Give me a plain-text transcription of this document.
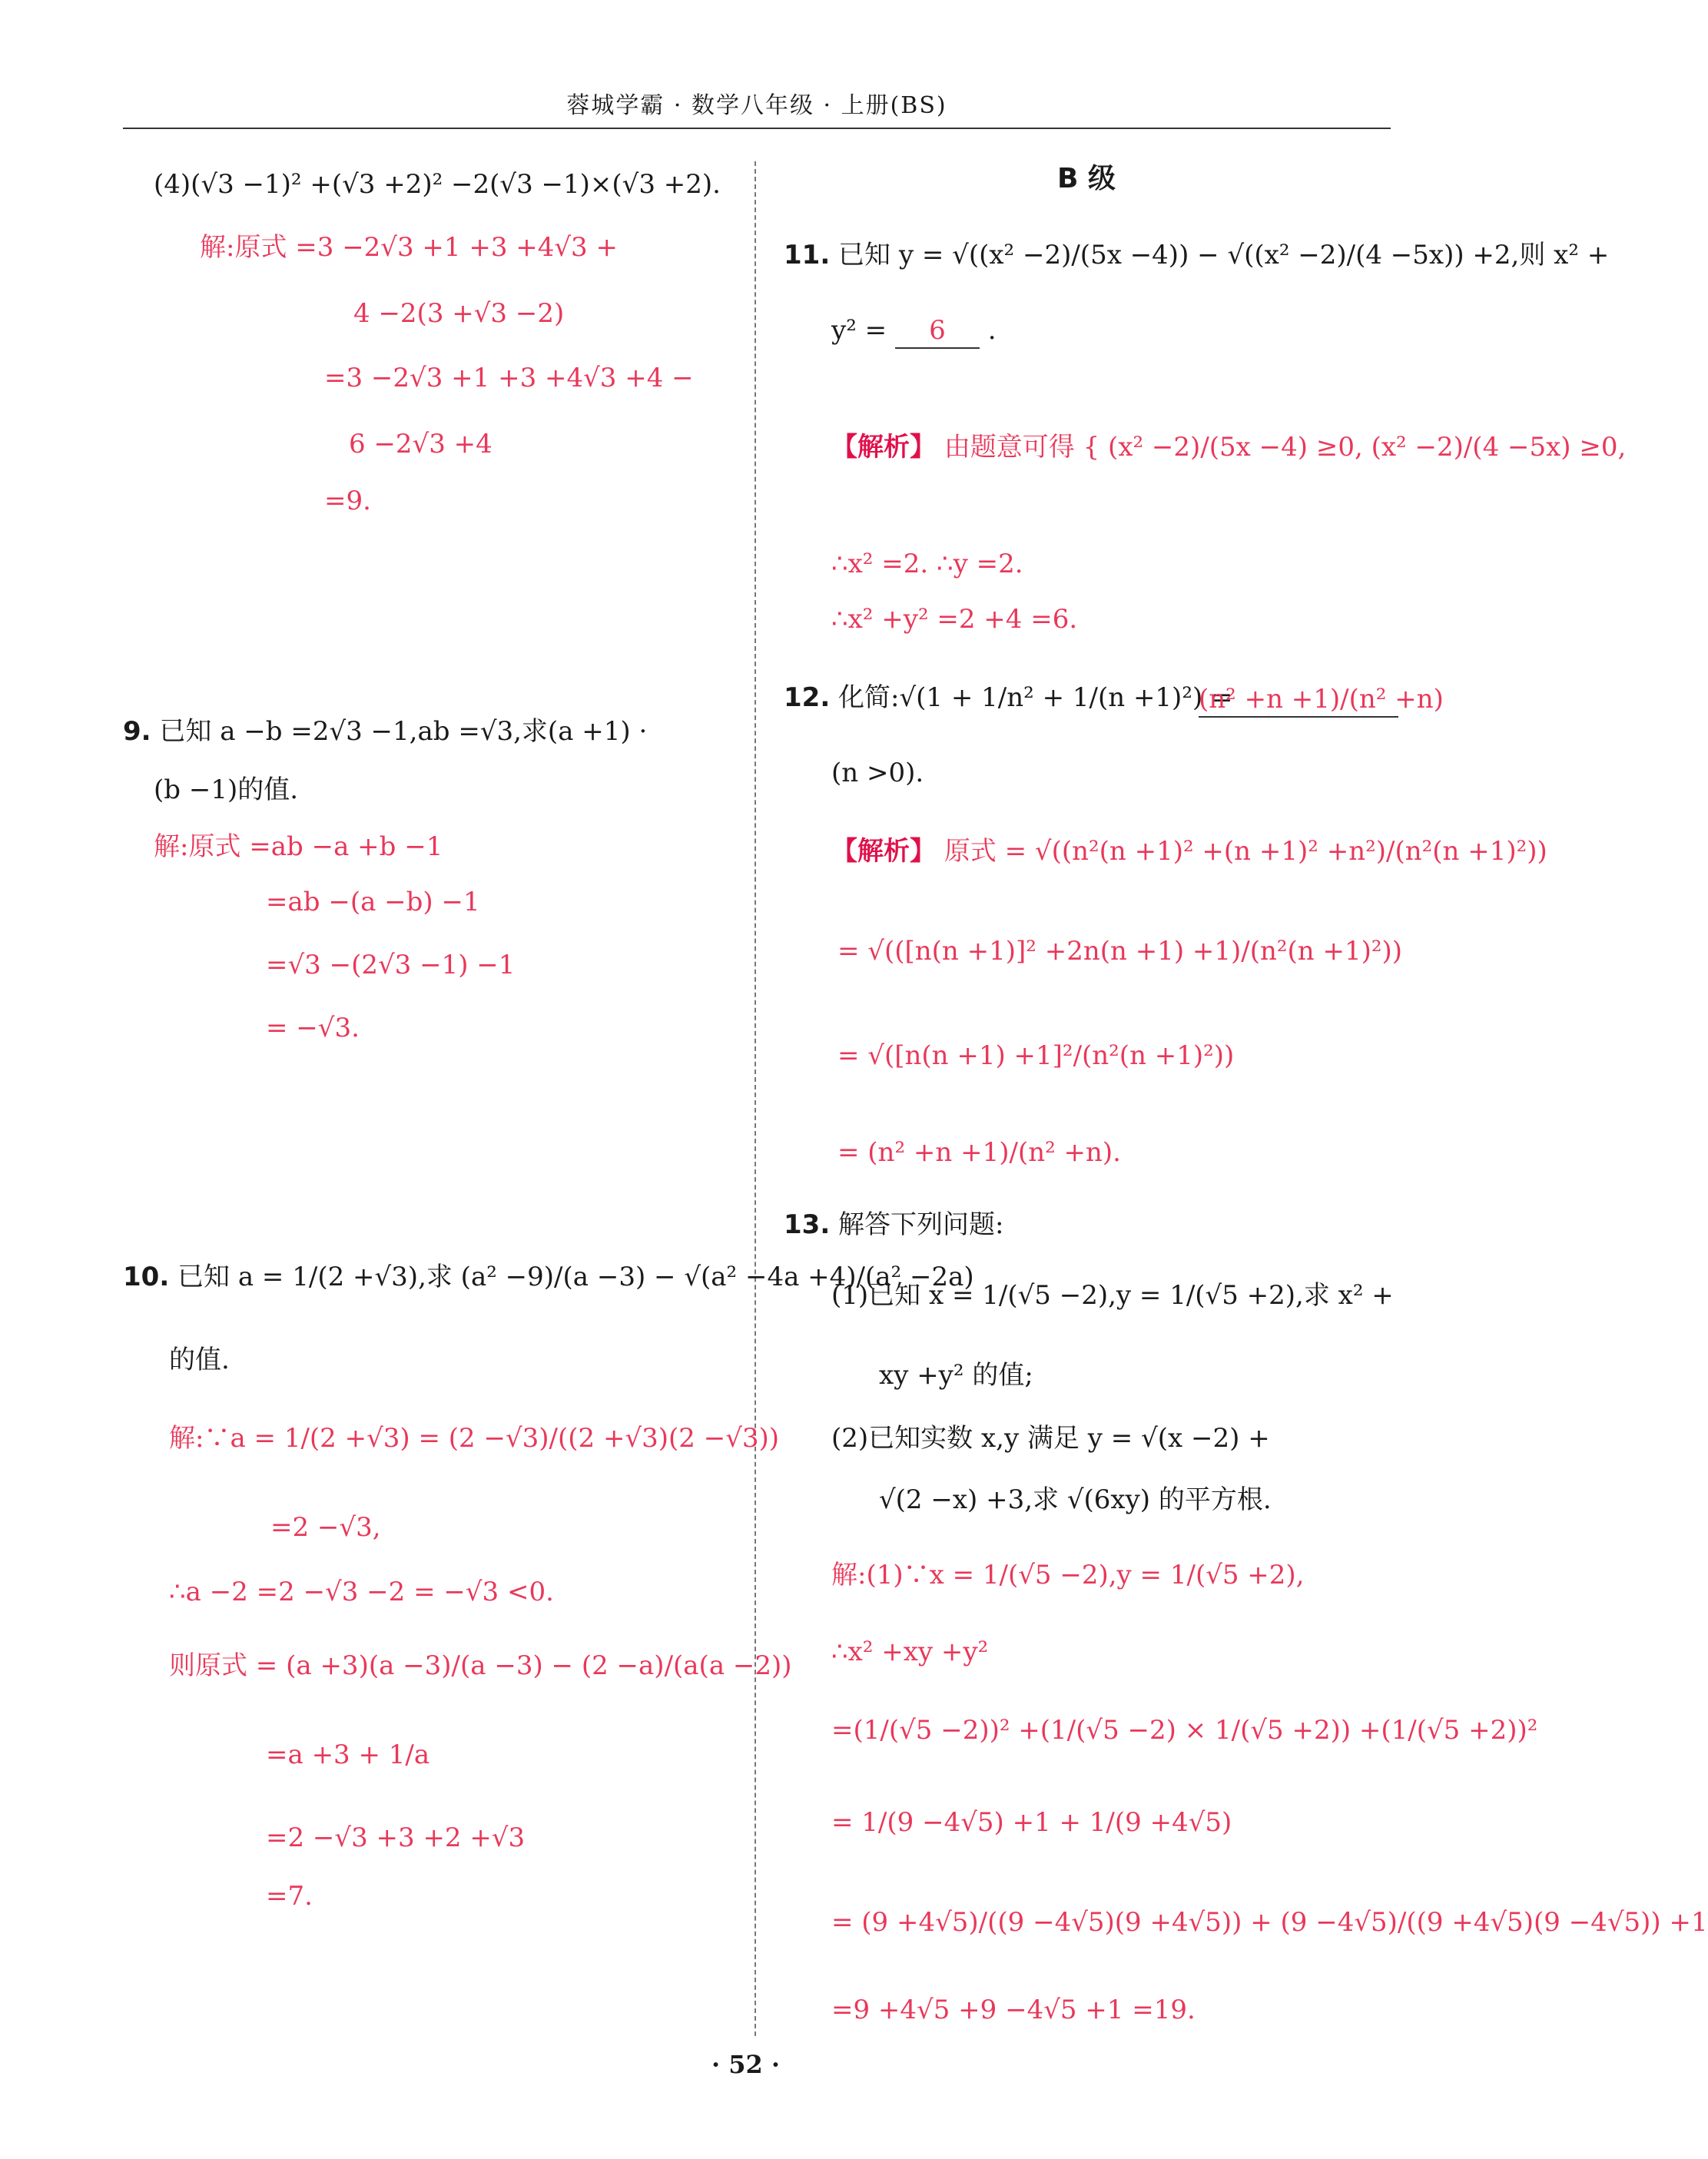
蓉城学霸 · 数学八年级 · 上册(BS)
(4)(√3 −1)² +(√3 +2)² −2(√3 −1)×(√3 +2).
解:原式 =3 −2√3 +1 +3 +4√3 +
4 −2(3 +√3 −2)
=3 −2√3 +1 +3 +4√3 +4 −
6 −2√3 +4
=9.
9. 已知 a −b =2√3 −1,ab =√3,求(a +1) ·
(b −1)的值.
解:原式 =ab −a +b −1
=ab −(a −b) −1
=√3 −(2√3 −1) −1
= −√3.
10. 已知 a = 1/(2 +√3),求 (a² −9)/(a −3) − √(a² −4a +4)/(a² −2a)
的值.
解:∵a = 1/(2 +√3) = (2 −√3)/((2 +√3)(2 −√3))
=2 −√3,
∴a −2 =2 −√3 −2 = −√3 <0.
则原式 = (a +3)(a −3)/(a −3) − (2 −a)/(a(a −2))
=a +3 + 1/a
=2 −√3 +3 +2 +√3
=7.
B 级
11. 已知 y = √((x² −2)/(5x −4)) − √((x² −2)/(4 −5x)) +2,则 x² +
y² = 6 .
【解析】 由题意可得 { (x² −2)/(5x −4) ≥0, (x² −2)/(4 −5x) ≥0,
∴x² =2. ∴y =2.
∴x² +y² =2 +4 =6.
12. 化简:√(1 + 1/n² + 1/(n +1)²) =
(n² +n +1)/(n² +n)
(n >0).
【解析】 原式 = √((n²(n +1)² +(n +1)² +n²)/(n²(n +1)²))
= √(([n(n +1)]² +2n(n +1) +1)/(n²(n +1)²))
= √([n(n +1) +1]²/(n²(n +1)²))
= (n² +n +1)/(n² +n).
13. 解答下列问题:
(1)已知 x = 1/(√5 −2),y = 1/(√5 +2),求 x² +
xy +y² 的值;
(2)已知实数 x,y 满足 y = √(x −2) +
√(2 −x) +3,求 √(6xy) 的平方根.
解:(1)∵x = 1/(√5 −2),y = 1/(√5 +2),
∴x² +xy +y²
=(1/(√5 −2))² +(1/(√5 −2) × 1/(√5 +2)) +(1/(√5 +2))²
= 1/(9 −4√5) +1 + 1/(9 +4√5)
= (9 +4√5)/((9 −4√5)(9 +4√5)) + (9 −4√5)/((9 +4√5)(9 −4√5)) +1
=9 +4√5 +9 −4√5 +1 =19.
· 52 ·
